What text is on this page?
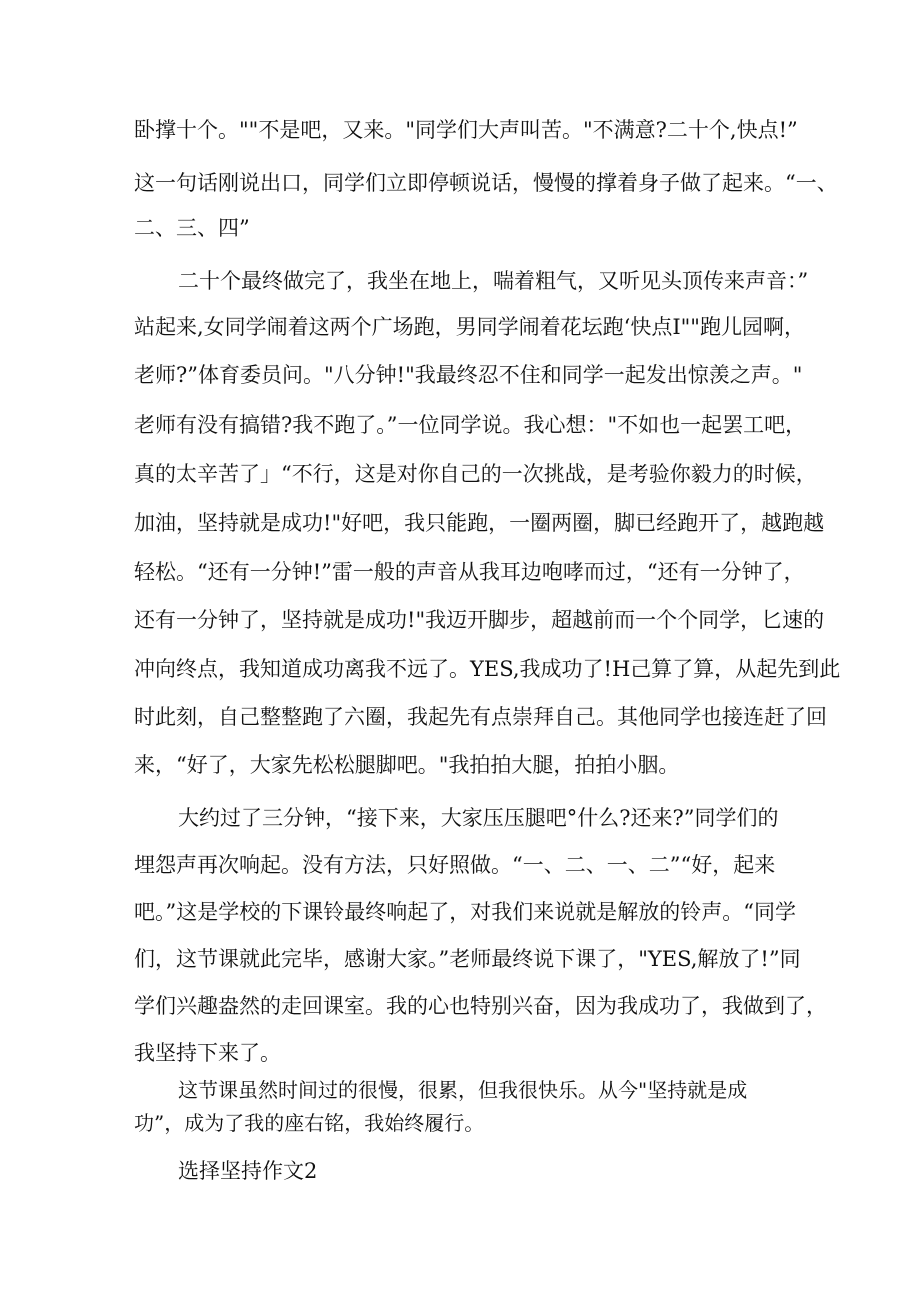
卧撑十个。""不是吧，又来。"同学们大声叫苦。"不满意?二十个,快点!”
这一句话刚说出口，同学们立即停顿说话，慢慢的撑着身子做了起来。“一、
二、三、四”
二十个最终做完了，我坐在地上，喘着粗气，又听见头顶传来声音：”
站起来,女同学闹着这两个广场跑，男同学闹着花坛跑‘快点I""跑儿园啊，
老师?”体育委员问。"八分钟!"我最终忍不住和同学一起发出惊羡之声。"
老师有没有搞错?我不跑了。”一位同学说。我心想："不如也一起罢工吧，
真的太辛苦了」“不行，这是对你自己的一次挑战，是考验你毅力的时候，
加油，坚持就是成功!"好吧，我只能跑，一圈两圈，脚已经跑开了，越跑越
轻松。“还有一分钟!”雷一般的声音从我耳边咆哮而过，“还有一分钟了，
还有一分钟了，坚持就是成功!"我迈开脚步，超越前而一个个同学，匕速的
冲向终点，我知道成功离我不远了。YES,我成功了!H己算了算，从起先到此
时此刻，自己整整跑了六圈，我起先有点崇拜自己。其他同学也接连赶了回
来，“好了，大家先松松腿脚吧。"我拍拍大腿，拍拍小胭。
大约过了三分钟，“接下来，大家压压腿吧°什么?还来?”同学们的
埋怨声再次响起。没有方法，只好照做。“一、二、一、二”“好，起来
吧。”这是学校的下课铃最终响起了，对我们来说就是解放的铃声。“同学
们，这节课就此完毕，感谢大家。”老师最终说下课了，"YES,解放了!”同
学们兴趣盎然的走回课室。我的心也特别兴奋，因为我成功了，我做到了，
我坚持下来了。
这节课虽然时间过的很慢，很累，但我很快乐。从今"坚持就是成
功”，成为了我的座右铭，我始终履行。
选择坚持作文2
